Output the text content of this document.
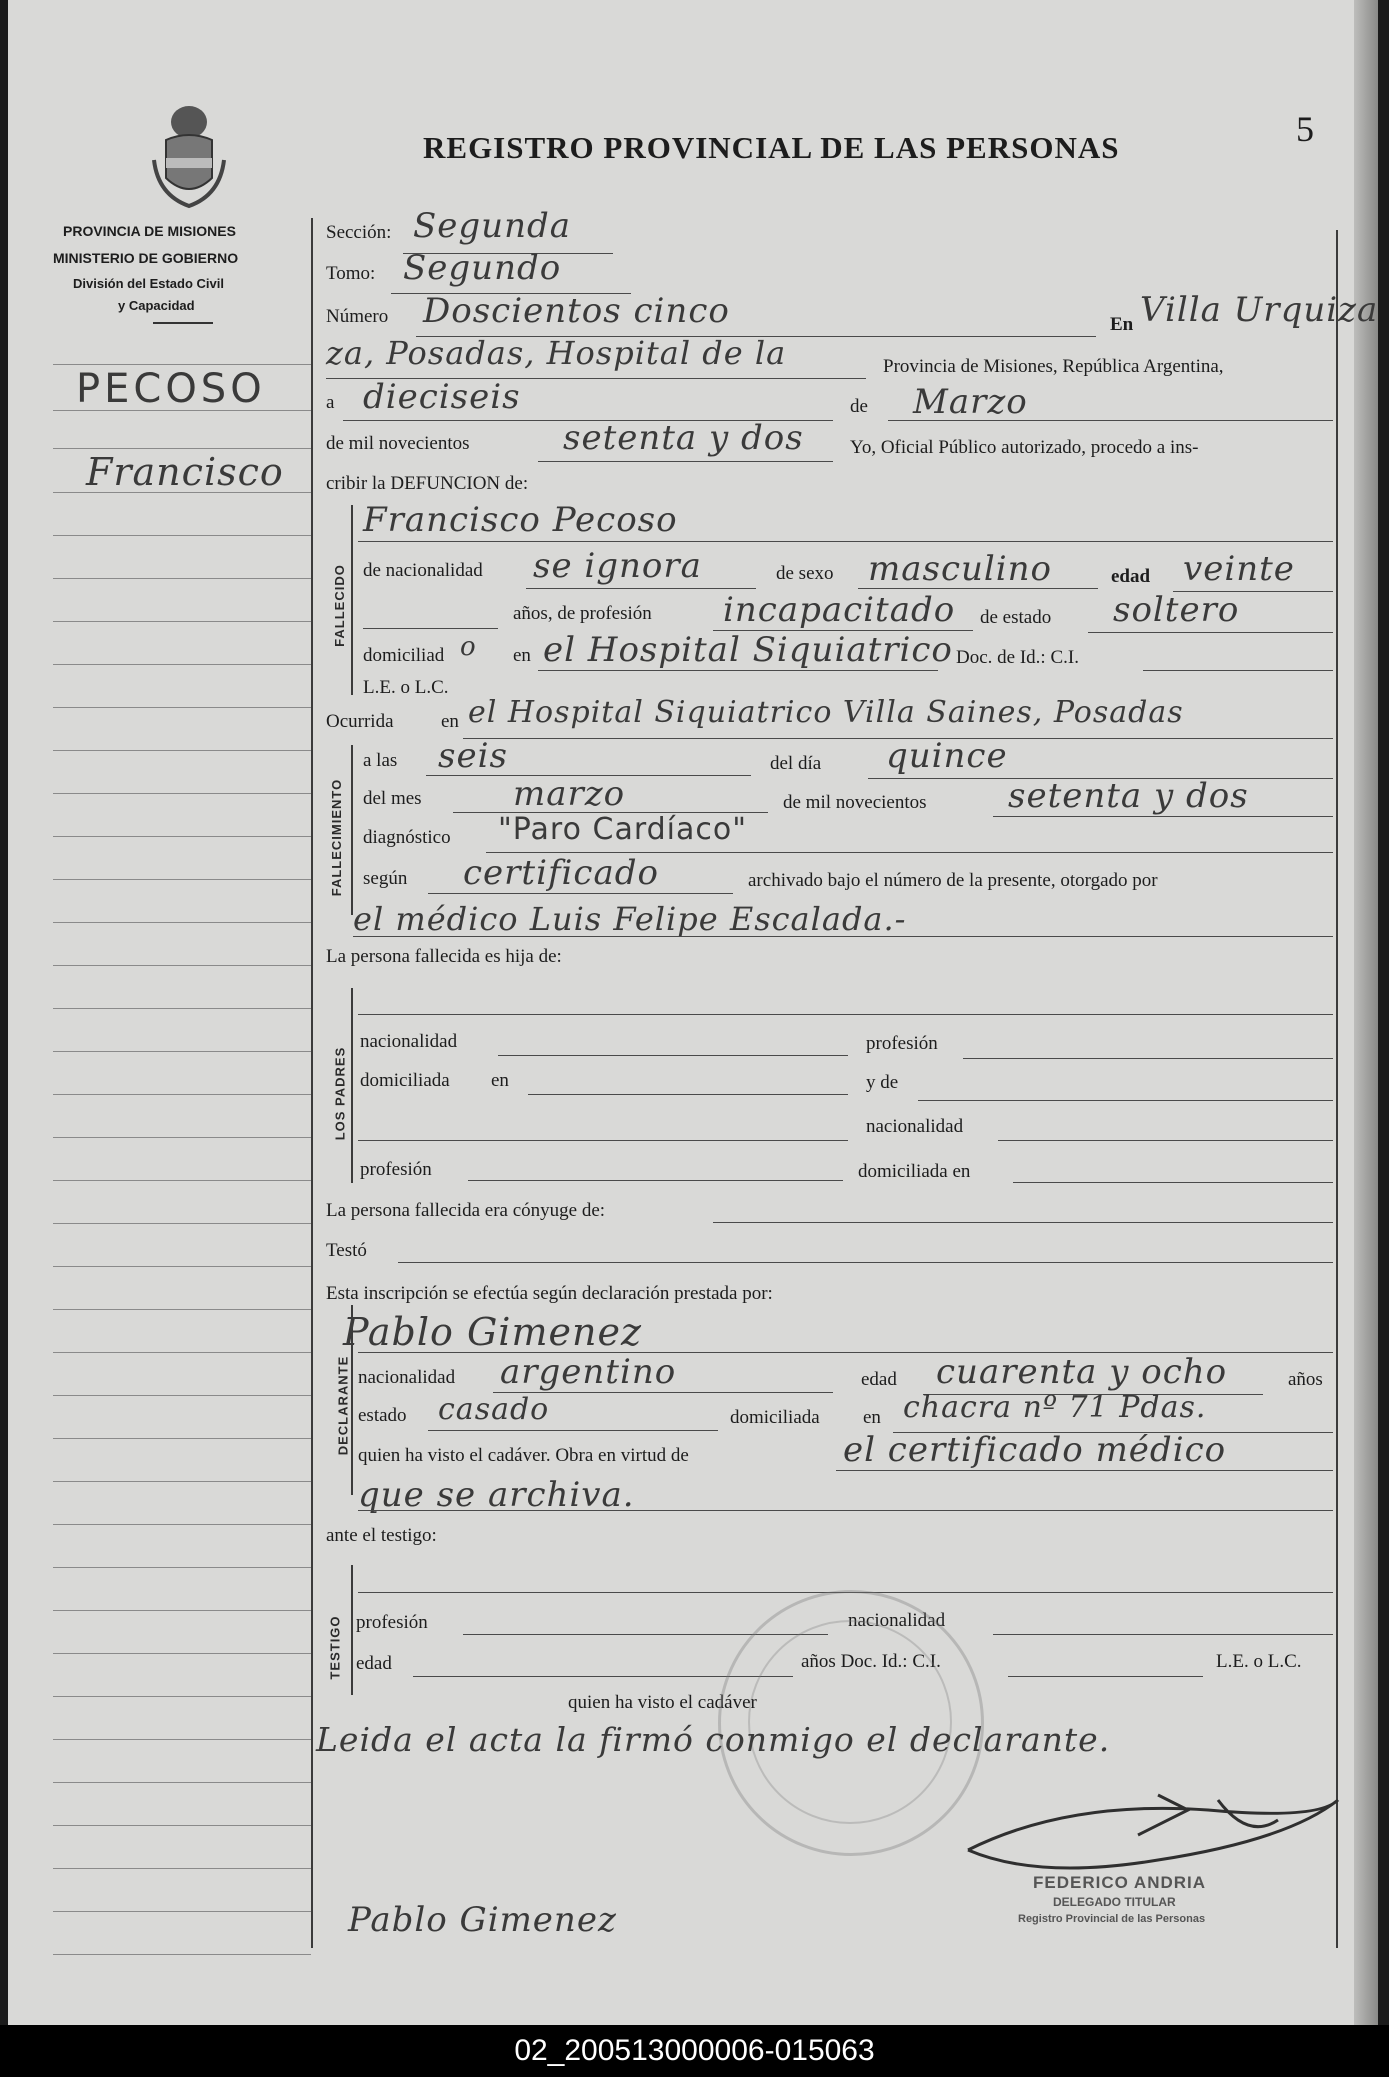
5
REGISTRO PROVINCIAL DE LAS PERSONAS
PROVINCIA DE MISIONES
MINISTERIO DE GOBIERNO
División del Estado Civil
y Capacidad
PECOSO
Francisco
Sección: Segunda
Tomo: Segundo
Número Doscientos cinco	En Villa Urquiza
za, Posadas, Hospital de la	Provincia de Misiones, República Argentina,
a dieciseis	de Marzo
de mil novecientos	setenta y dos Yo, Oficial Público autorizado, procedo a ins-
cribir la DEFUNCION de:
FALLECIDO
Francisco Pecoso
de nacionalidad se ignora	de sexo masculino	edad veinte
años, de profesión incapacitado de estado soltero
domiciliad o en el Hospital Siquiatrico Doc. de Id.: C.I.
L.E. o L.C.
Ocurrida en el Hospital Siquiatrico Villa Saines, Posadas
FALLECIMIENTO
a las seis	del día quince
del mes	marzo	de mil novecientos setenta y dos
diagnóstico "Paro Cardíaco"
según certificado	archivado bajo el número de la presente, otorgado por
el médico Luis Felipe Escalada.-
La persona fallecida es hija de:
LOS PADRES
nacionalidad	profesión
domiciliada en	y de
nacionalidad
profesión	domiciliada en
La persona fallecida era cónyuge de:
Testó
Esta inscripción se efectúa según declaración prestada por:
DECLARANTE
Pablo Gimenez
nacionalidad argentino	edad cuarenta y ocho	años
estado casado	domiciliada en chacra nº 71 Pdas.
quien ha visto el cadáver. Obra en virtud de	el certificado médico
que se archiva.
ante el testigo:
TESTIGO profesión	nacionalidad
edad	años Doc. Id.: C.I.	L.E. o L.C.
quien ha visto el cadáver
Leida el acta la firmó conmigo el declarante.
FEDERICO ANDRIA
DELEGADO TITULAR
Registro Provincial de las Personas
Pablo Gimenez
02_200513000006-015063
